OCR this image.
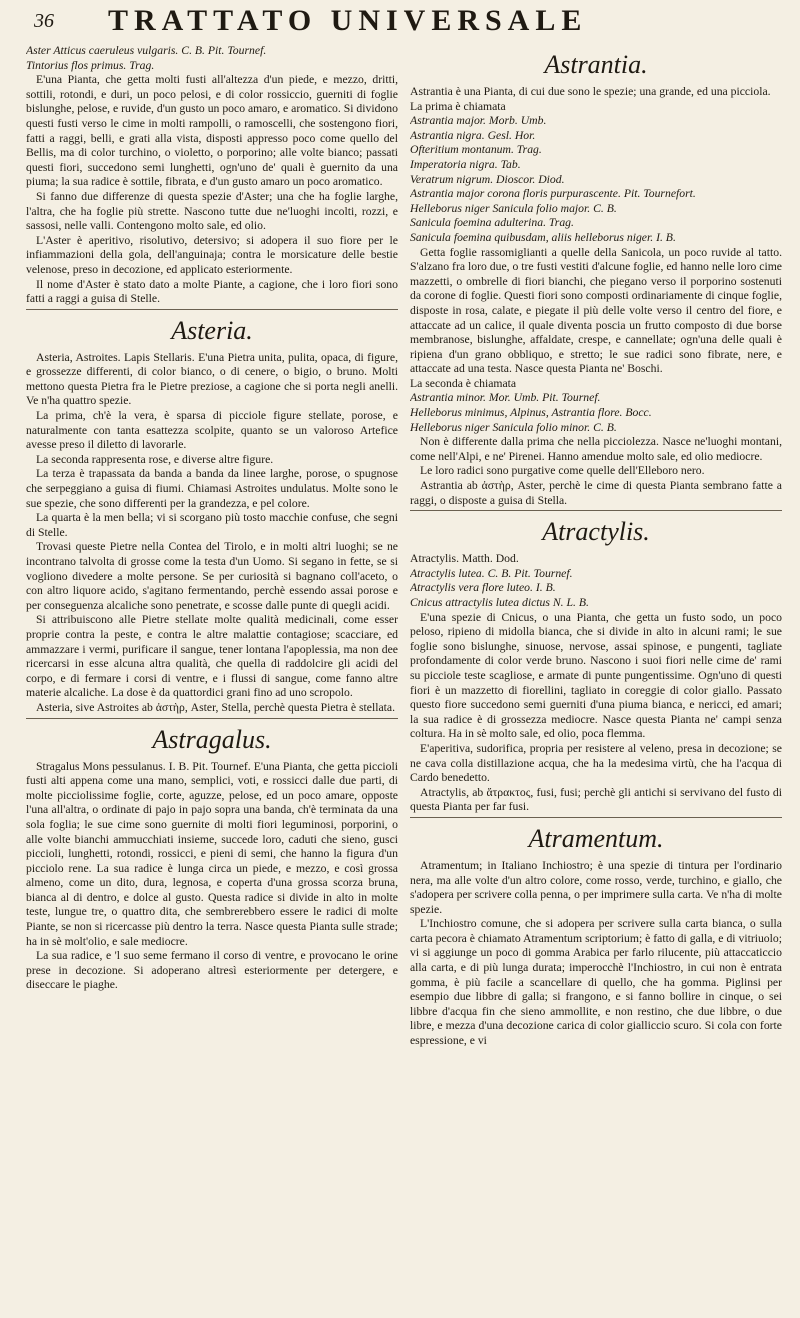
36 TRATTATO UNIVERSALE

Aster Atticus caeruleus vulgaris. C. B. Pit. Tournef.

Tintorius flos primus. Trag.

E'una Pianta, che getta molti fusti all'altezza d'un piede, e mezzo, dritti, sottili, rotondi, e duri, un poco pelosi, e di color rossiccio, guerniti di foglie bislunghe, pelose, e ruvide, d'un gusto un poco amaro, e aromatico. Si dividono questi fusti verso le cime in molti rampolli, o ramoscelli, che sostengono fiori, fatti a raggi, belli, e grati alla vista, disposti appresso poco come quello del Bellis, ma di color turchino, o violetto, o porporino; alle volte bianco; passati questi fiori, succedono semi lunghetti, ogn'uno de' quali è guernito da una piuma; la sua radice è sottile, fibrata, e d'un gusto amaro un poco aromatico.

Si fanno due differenze di questa spezie d'Aster; una che ha foglie larghe, l'altra, che ha foglie più strette. Nascono tutte due ne'luoghi incolti, rozzi, e sassosi, nelle valli. Contengono molto sale, ed olio.

L'Aster è aperitivo, risolutivo, detersivo; si adopera il suo fiore per le infiammazioni della gola, dell'anguinaja; contra le morsicature delle bestie velenose, preso in decozione, ed applicato esteriormente.

Il nome d'Aster è stato dato a molte Piante, a cagione, che i loro fiori sono fatti a raggi a guisa di Stelle.

Asteria.

Asteria, Astroites. Lapis Stellaris. E'una Pietra unita, pulita, opaca, di figure, e grossezze differenti, di color bianco, o di cenere, o bigio, o bruno. Molti mettono questa Pietra fra le Pietre preziose, a cagione che si porta negli anelli. Ve n'ha quattro spezie.

La prima, ch'è la vera, è sparsa di picciole figure stellate, porose, e naturalmente con tanta esattezza scolpite, quanto se un valoroso Artefice avesse preso il diletto di lavorarle.

La seconda rappresenta rose, e diverse altre figure.

La terza è trapassata da banda a banda da linee larghe, porose, o spugnose che serpeggiano a guisa di fiumi. Chiamasi Astroites undulatus. Molte sono le sue spezie, che sono differenti per la grandezza, e pel colore.

La quarta è la men bella; vi si scorgano più tosto macchie confuse, che segni di Stelle.

Trovasi queste Pietre nella Contea del Tirolo, e in molti altri luoghi; se ne incontrano talvolta di grosse come la testa d'un Uomo. Si segano in fette, se si vogliono divedere a molte persone. Se per curiosità si bagnano coll'aceto, o con altro liquore acido, s'agitano fermentando, perchè essendo assai porose e per conseguenza alcaliche sono penetrate, e scosse dalle punte di quegli acidi.

Si attribuiscono alle Pietre stellate molte qualità medicinali, come esser proprie contra la peste, e contra le altre malattie contagiose; scacciare, ed ammazzare i vermi, purificare il sangue, tener lontana l'apoplessia, ma non dee ricercarsi in esse alcuna altra qualità, che quella di raddolcire gli acidi del corpo, e di fermare i corsi di ventre, e i flussi di sangue, come fanno altre materie alcaliche. La dose è da quattordici grani fino ad uno scropolo.

Asteria, sive Astroites ab ἀστὴρ, Aster, Stella, perchè questa Pietra è stellata.

Astragalus.

Stragalus Mons pessulanus. I. B. Pit. Tournef. E'una Pianta, che getta piccioli fusti alti appena come una mano, semplici, voti, e rossicci dalle due parti, di molte picciolissime foglie, corte, aguzze, pelose, ed un poco amare, opposte l'una all'altra, o ordinate di pajo in pajo sopra una banda, ch'è terminata da una sola foglia; le sue cime sono guernite di molti fiori leguminosi, porporini, o alle volte bianchi ammucchiati insieme, succede loro, caduti che sieno, gusci piccioli, lunghetti, rotondi, rossicci, e pieni di semi, che hanno la figura d'un picciolo rene. La sua radice è lunga circa un piede, e mezzo, e così grossa almeno, come un dito, dura, legnosa, e coperta d'una grossa scorza bruna, bianca al di dentro, e dolce al gusto. Questa radice si divide in alto in molte teste, lungue tre, o quattro dita, che sembrerebbero essere le radici di molte Piante, se non si ricercasse più dentro la terra. Nasce questa Pianta sulle strade; ha in sè molt'olio, e sale mediocre.

La sua radice, e 'l suo seme fermano il corso di ventre, e provocano le orine prese in decozione. Si adoperano altresì esteriormente per detergere, e diseccare le piaghe.

Astrantia.

Astrantia è una Pianta, di cui due sono le spezie; una grande, ed una picciola.

La prima è chiamata

Astrantia major. Morb. Umb.

Astrantia nigra. Gesl. Hor.

Ofteritium montanum. Trag.

Imperatoria nigra. Tab.

Veratrum nigrum. Dioscor. Diod.

Astrantia major corona floris purpurascente. Pit. Tournefort.

Helleborus niger Sanicula folio major. C. B.

Sanicula foemina adulterina. Trag.

Sanicula foemina quibusdam, aliis helleborus niger. I. B.

Getta foglie rassomiglianti a quelle della Sanicola, un poco ruvide al tatto. S'alzano fra loro due, o tre fusti vestiti d'alcune foglie, ed hanno nelle loro cime mazzetti, o ombrelle di fiori bianchi, che piegano verso il porporino sostenuti da corone di foglie. Questi fiori sono composti ordinariamente di cinque foglie, disposte in rosa, calate, e piegate il più delle volte verso il centro del fiore, e attaccate ad un calice, il quale diventa poscia un frutto composto di due borse membranose, bislunghe, affaldate, crespe, e cannellate; ogn'una delle quali è ripiena d'un grano obbliquo, e stretto; le sue radici sono fibrate, nere, e attaccate ad una testa. Nasce questa Pianta ne' Boschi.

La seconda è chiamata

Astrantia minor. Mor. Umb. Pit. Tournef.

Helleborus minimus, Alpinus, Astrantia flore. Bocc.

Helleborus niger Sanicula folio minor. C. B.

Non è differente dalla prima che nella picciolezza. Nasce ne'luoghi montani, come nell'Alpi, e ne' Pirenei. Hanno amendue molto sale, ed olio mediocre.

Le loro radici sono purgative come quelle dell'Elleboro nero.

Astrantia ab ἀστὴρ, Aster, perchè le cime di questa Pianta sembrano fatte a raggi, o disposte a guisa di Stella.

Atractylis.

Atractylis. Matth. Dod.

Atractylis lutea. C. B. Pit. Tournef.

Atractylis vera flore luteo. I. B.

Cnicus attractylis lutea dictus N. L. B.

E'una spezie di Cnicus, o una Pianta, che getta un fusto sodo, un poco peloso, ripieno di midolla bianca, che si divide in alto in alcuni rami; le sue foglie sono bislunghe, sinuose, nervose, assai spinose, e pungenti, tagliate profondamente di color verde bruno. Nascono i suoi fiori nelle cime de' rami su picciole teste scagliose, e armate di punte pungentissime. Ogn'uno di questi fiori è un mazzetto di fiorellini, tagliato in coreggie di color giallo. Passato questo fiore succedono semi guerniti d'una piuma bianca, e nericci, ed amari; la sua radice è di grossezza mediocre. Nasce questa Pianta ne' campi senza coltura. Ha in sè molto sale, ed olio, poca flemma.

E'aperitiva, sudorifica, propria per resistere al veleno, presa in decozione; se ne cava colla distillazione acqua, che ha la medesima virtù, che ha l'acqua di Cardo benedetto.

Atractylis, ab ἄτρακτος, fusi, fusi; perchè gli antichi si servivano del fusto di questa Pianta per far fusi.

Atramentum.

Atramentum; in Italiano Inchiostro; è una spezie di tintura per l'ordinario nera, ma alle volte d'un altro colore, come rosso, verde, turchino, e giallo, che s'adopera per scrivere colla penna, o per imprimere sulla carta. Ve n'ha di molte spezie.

L'Inchiostro comune, che si adopera per scrivere sulla carta bianca, o sulla carta pecora è chiamato Atramentum scriptorium; è fatto di galla, e di vitriuolo; vi si aggiunge un poco di gomma Arabica per farlo rilucente, più attaccaticcio alla carta, e di più lunga durata; imperocchè l'Inchiostro, in cui non è entrata gomma, è più facile a scancellare di quello, che ha gomma. Piglinsi per esempio due libbre di galla; si frangono, e si fanno bollire in cinque, o sei libbre d'acqua fin che sieno ammollite, e non restino, che due libbre, o due libre, e mezza d'una decozione carica di color gialliccio scuro. Si cola con forte espressione, e vi
